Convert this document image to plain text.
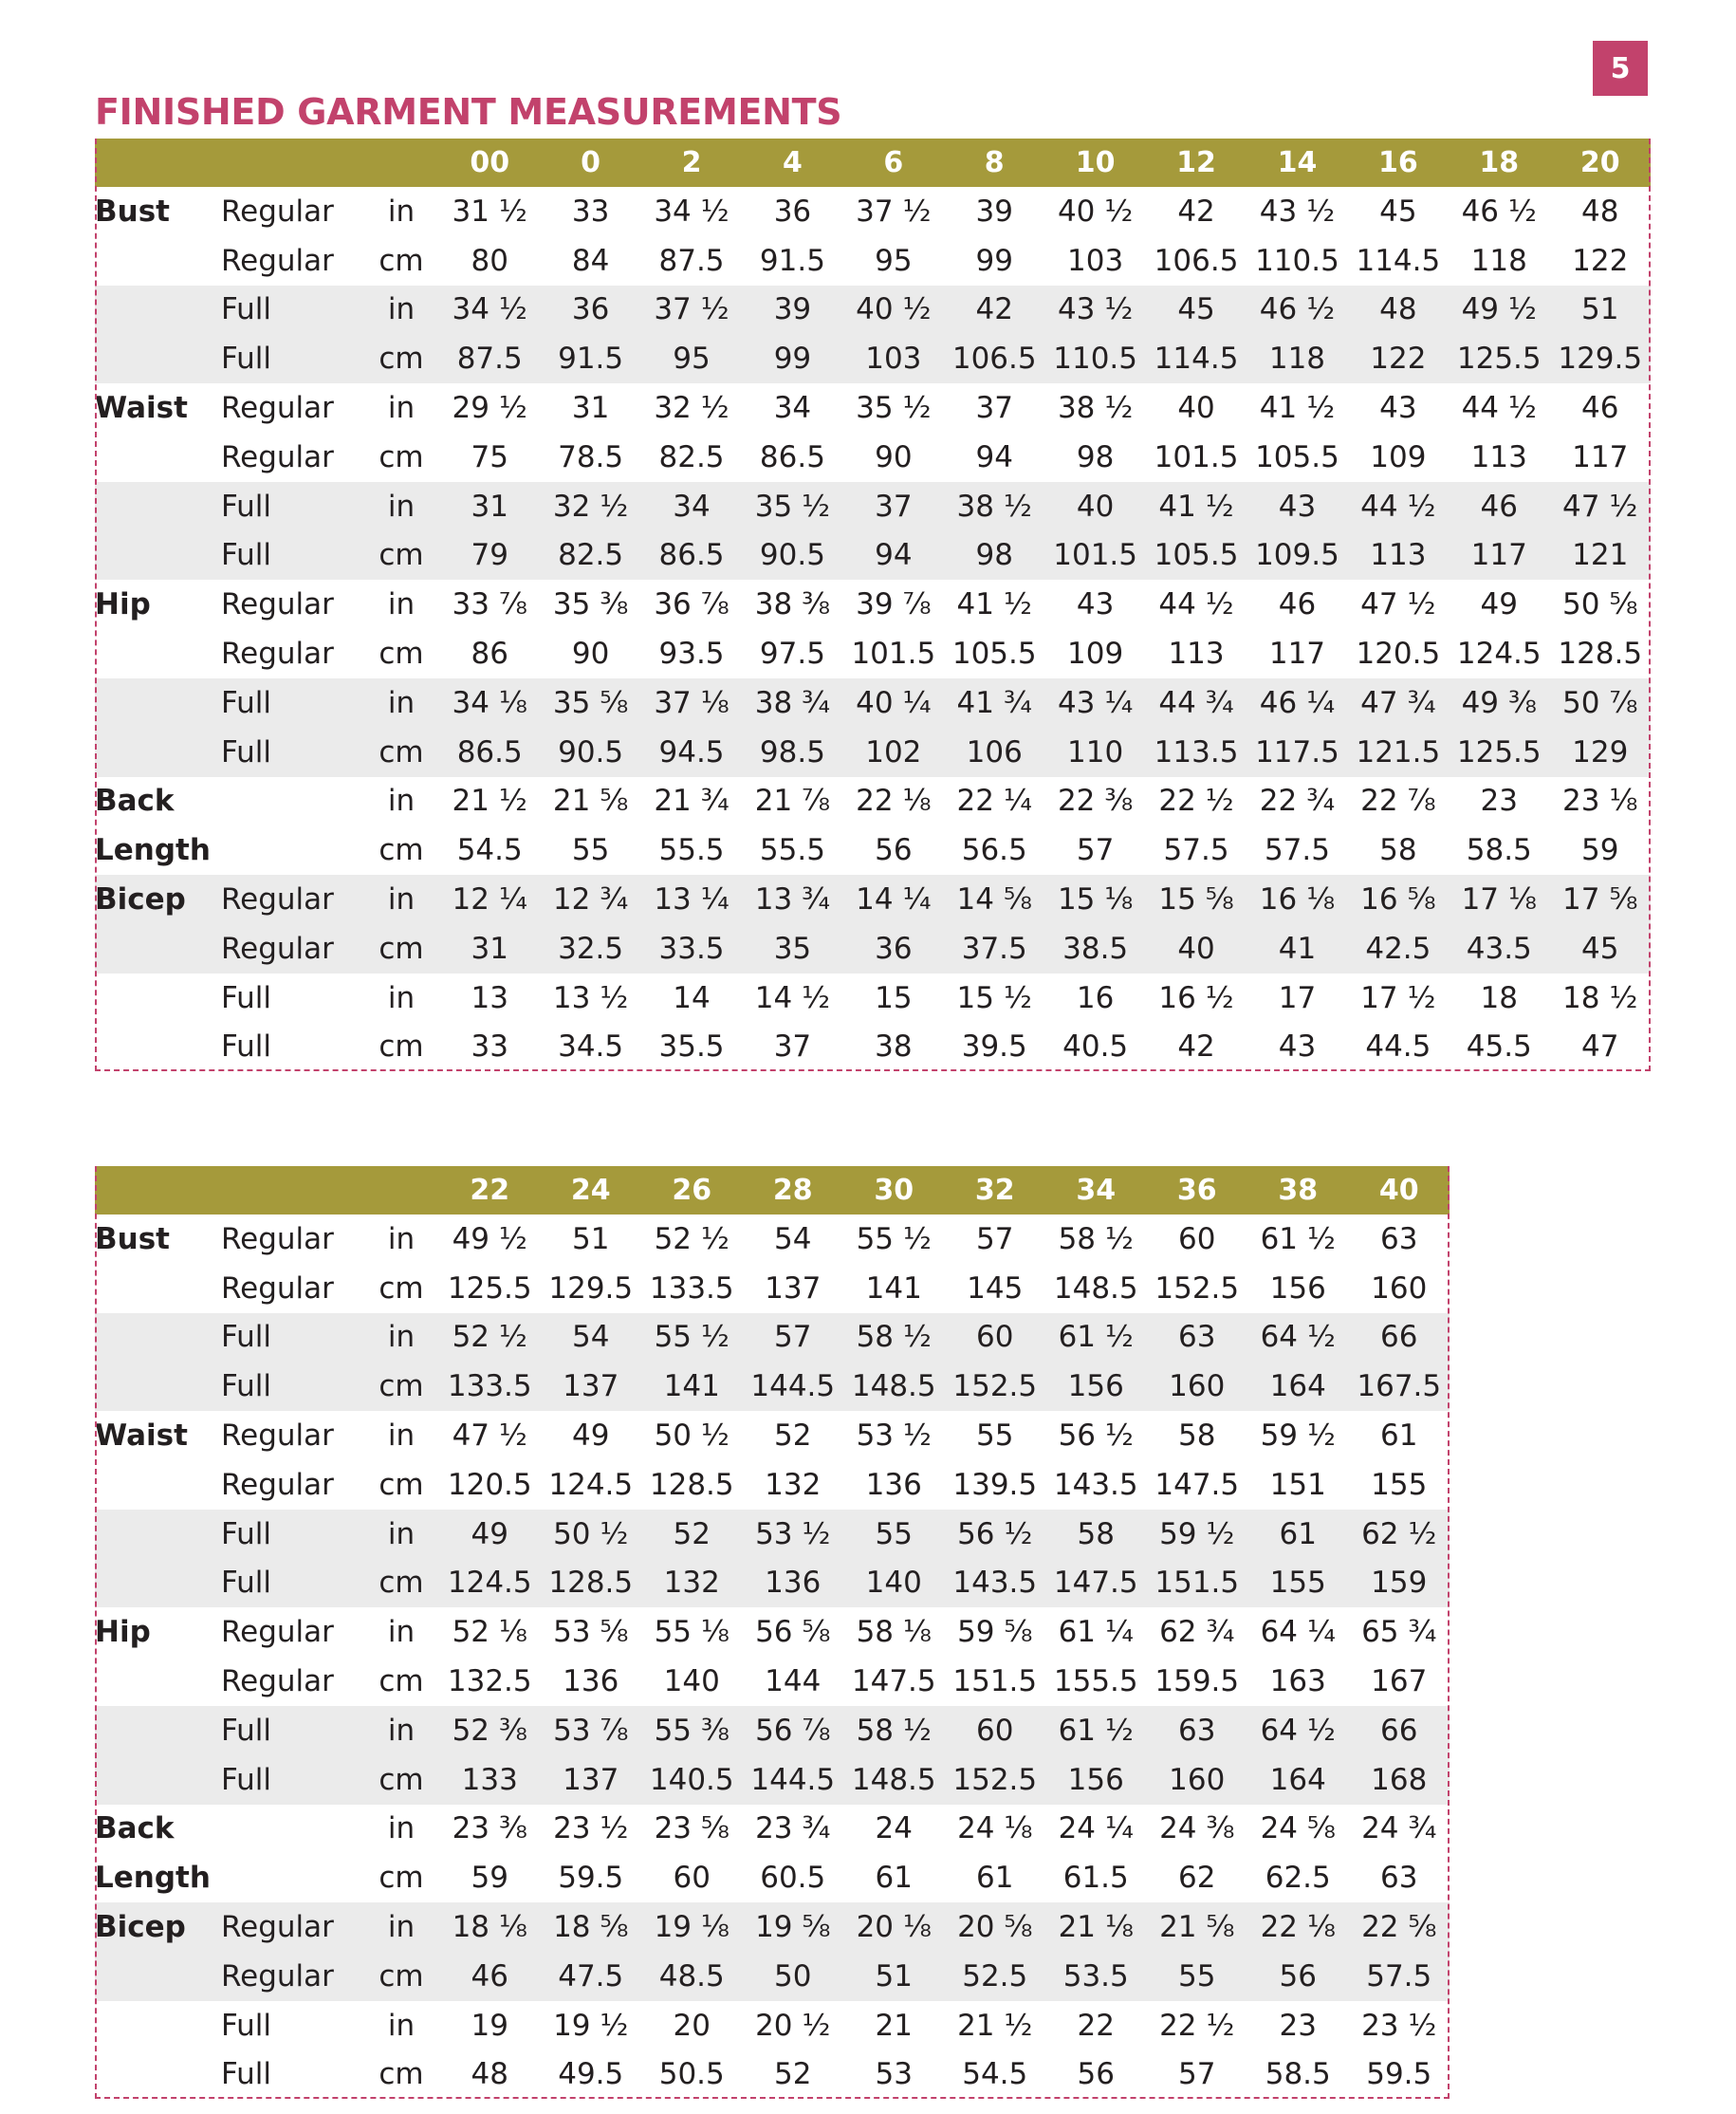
5
FINISHED GARMENT MEASUREMENTS
			00	0	2	4	6	8	10	12	14	16	18	20
Bust	Regular	in	31 ½	33	34 ½	36	37 ½	39	40 ½	42	43 ½	45	46 ½	48
	Regular	cm	80	84	87.5	91.5	95	99	103	106.5	110.5	114.5	118	122
	Full	in	34 ½	36	37 ½	39	40 ½	42	43 ½	45	46 ½	48	49 ½	51
	Full	cm	87.5	91.5	95	99	103	106.5	110.5	114.5	118	122	125.5	129.5
Waist	Regular	in	29 ½	31	32 ½	34	35 ½	37	38 ½	40	41 ½	43	44 ½	46
	Regular	cm	75	78.5	82.5	86.5	90	94	98	101.5	105.5	109	113	117
	Full	in	31	32 ½	34	35 ½	37	38 ½	40	41 ½	43	44 ½	46	47 ½
	Full	cm	79	82.5	86.5	90.5	94	98	101.5	105.5	109.5	113	117	121
Hip	Regular	in	33 ⅞	35 ⅜	36 ⅞	38 ⅜	39 ⅞	41 ½	43	44 ½	46	47 ½	49	50 ⅝
	Regular	cm	86	90	93.5	97.5	101.5	105.5	109	113	117	120.5	124.5	128.5
	Full	in	34 ⅛	35 ⅝	37 ⅛	38 ¾	40 ¼	41 ¾	43 ¼	44 ¾	46 ¼	47 ¾	49 ⅜	50 ⅞
	Full	cm	86.5	90.5	94.5	98.5	102	106	110	113.5	117.5	121.5	125.5	129
Back		in	21 ½	21 ⅝	21 ¾	21 ⅞	22 ⅛	22 ¼	22 ⅜	22 ½	22 ¾	22 ⅞	23	23 ⅛
Length		cm	54.5	55	55.5	55.5	56	56.5	57	57.5	57.5	58	58.5	59
Bicep	Regular	in	12 ¼	12 ¾	13 ¼	13 ¾	14 ¼	14 ⅝	15 ⅛	15 ⅝	16 ⅛	16 ⅝	17 ⅛	17 ⅝
	Regular	cm	31	32.5	33.5	35	36	37.5	38.5	40	41	42.5	43.5	45
	Full	in	13	13 ½	14	14 ½	15	15 ½	16	16 ½	17	17 ½	18	18 ½
	Full	cm	33	34.5	35.5	37	38	39.5	40.5	42	43	44.5	45.5	47
			22	24	26	28	30	32	34	36	38	40
Bust	Regular	in	49 ½	51	52 ½	54	55 ½	57	58 ½	60	61 ½	63
	Regular	cm	125.5	129.5	133.5	137	141	145	148.5	152.5	156	160
	Full	in	52 ½	54	55 ½	57	58 ½	60	61 ½	63	64 ½	66
	Full	cm	133.5	137	141	144.5	148.5	152.5	156	160	164	167.5
Waist	Regular	in	47 ½	49	50 ½	52	53 ½	55	56 ½	58	59 ½	61
	Regular	cm	120.5	124.5	128.5	132	136	139.5	143.5	147.5	151	155
	Full	in	49	50 ½	52	53 ½	55	56 ½	58	59 ½	61	62 ½
	Full	cm	124.5	128.5	132	136	140	143.5	147.5	151.5	155	159
Hip	Regular	in	52 ⅛	53 ⅝	55 ⅛	56 ⅝	58 ⅛	59 ⅝	61 ¼	62 ¾	64 ¼	65 ¾
	Regular	cm	132.5	136	140	144	147.5	151.5	155.5	159.5	163	167
	Full	in	52 ⅜	53 ⅞	55 ⅜	56 ⅞	58 ½	60	61 ½	63	64 ½	66
	Full	cm	133	137	140.5	144.5	148.5	152.5	156	160	164	168
Back		in	23 ⅜	23 ½	23 ⅝	23 ¾	24	24 ⅛	24 ¼	24 ⅜	24 ⅝	24 ¾
Length		cm	59	59.5	60	60.5	61	61	61.5	62	62.5	63
Bicep	Regular	in	18 ⅛	18 ⅝	19 ⅛	19 ⅝	20 ⅛	20 ⅝	21 ⅛	21 ⅝	22 ⅛	22 ⅝
	Regular	cm	46	47.5	48.5	50	51	52.5	53.5	55	56	57.5
	Full	in	19	19 ½	20	20 ½	21	21 ½	22	22 ½	23	23 ½
	Full	cm	48	49.5	50.5	52	53	54.5	56	57	58.5	59.5
